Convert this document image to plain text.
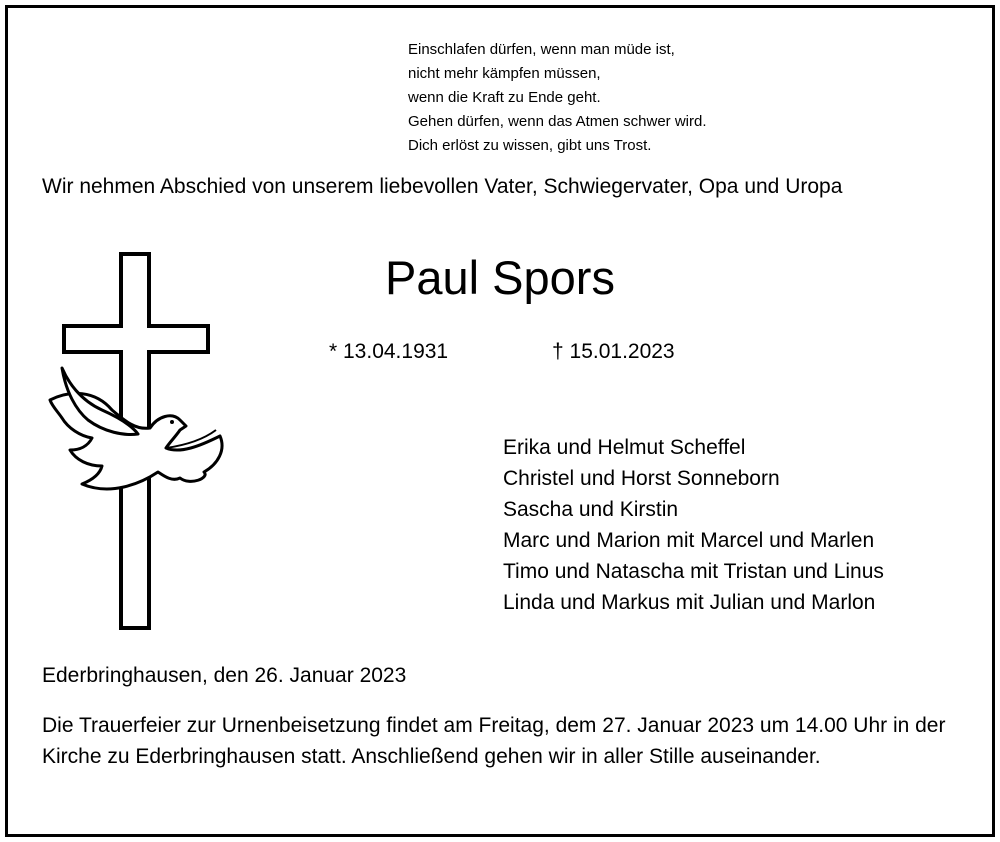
Einschlafen dürfen, wenn man müde ist,
nicht mehr kämpfen müssen,
wenn die Kraft zu Ende geht.
Gehen dürfen, wenn das Atmen schwer wird.
Dich erlöst zu wissen, gibt uns Trost.
Wir nehmen Abschied von unserem liebevollen Vater, Schwiegervater, Opa und Uropa
Paul Spors
* 13.04.1931	† 15.01.2023
Erika und Helmut Scheffel
Christel und Horst Sonneborn
Sascha und Kirstin
Marc und Marion mit Marcel und Marlen
Timo und Natascha mit Tristan und Linus
Linda und Markus mit Julian und Marlon
Ederbringhausen, den 26. Januar 2023
Die Trauerfeier zur Urnenbeisetzung findet am Freitag, dem 27. Januar 2023 um 14.00 Uhr in der Kirche zu Ederbringhausen statt. Anschließend gehen wir in aller Stille auseinander.
